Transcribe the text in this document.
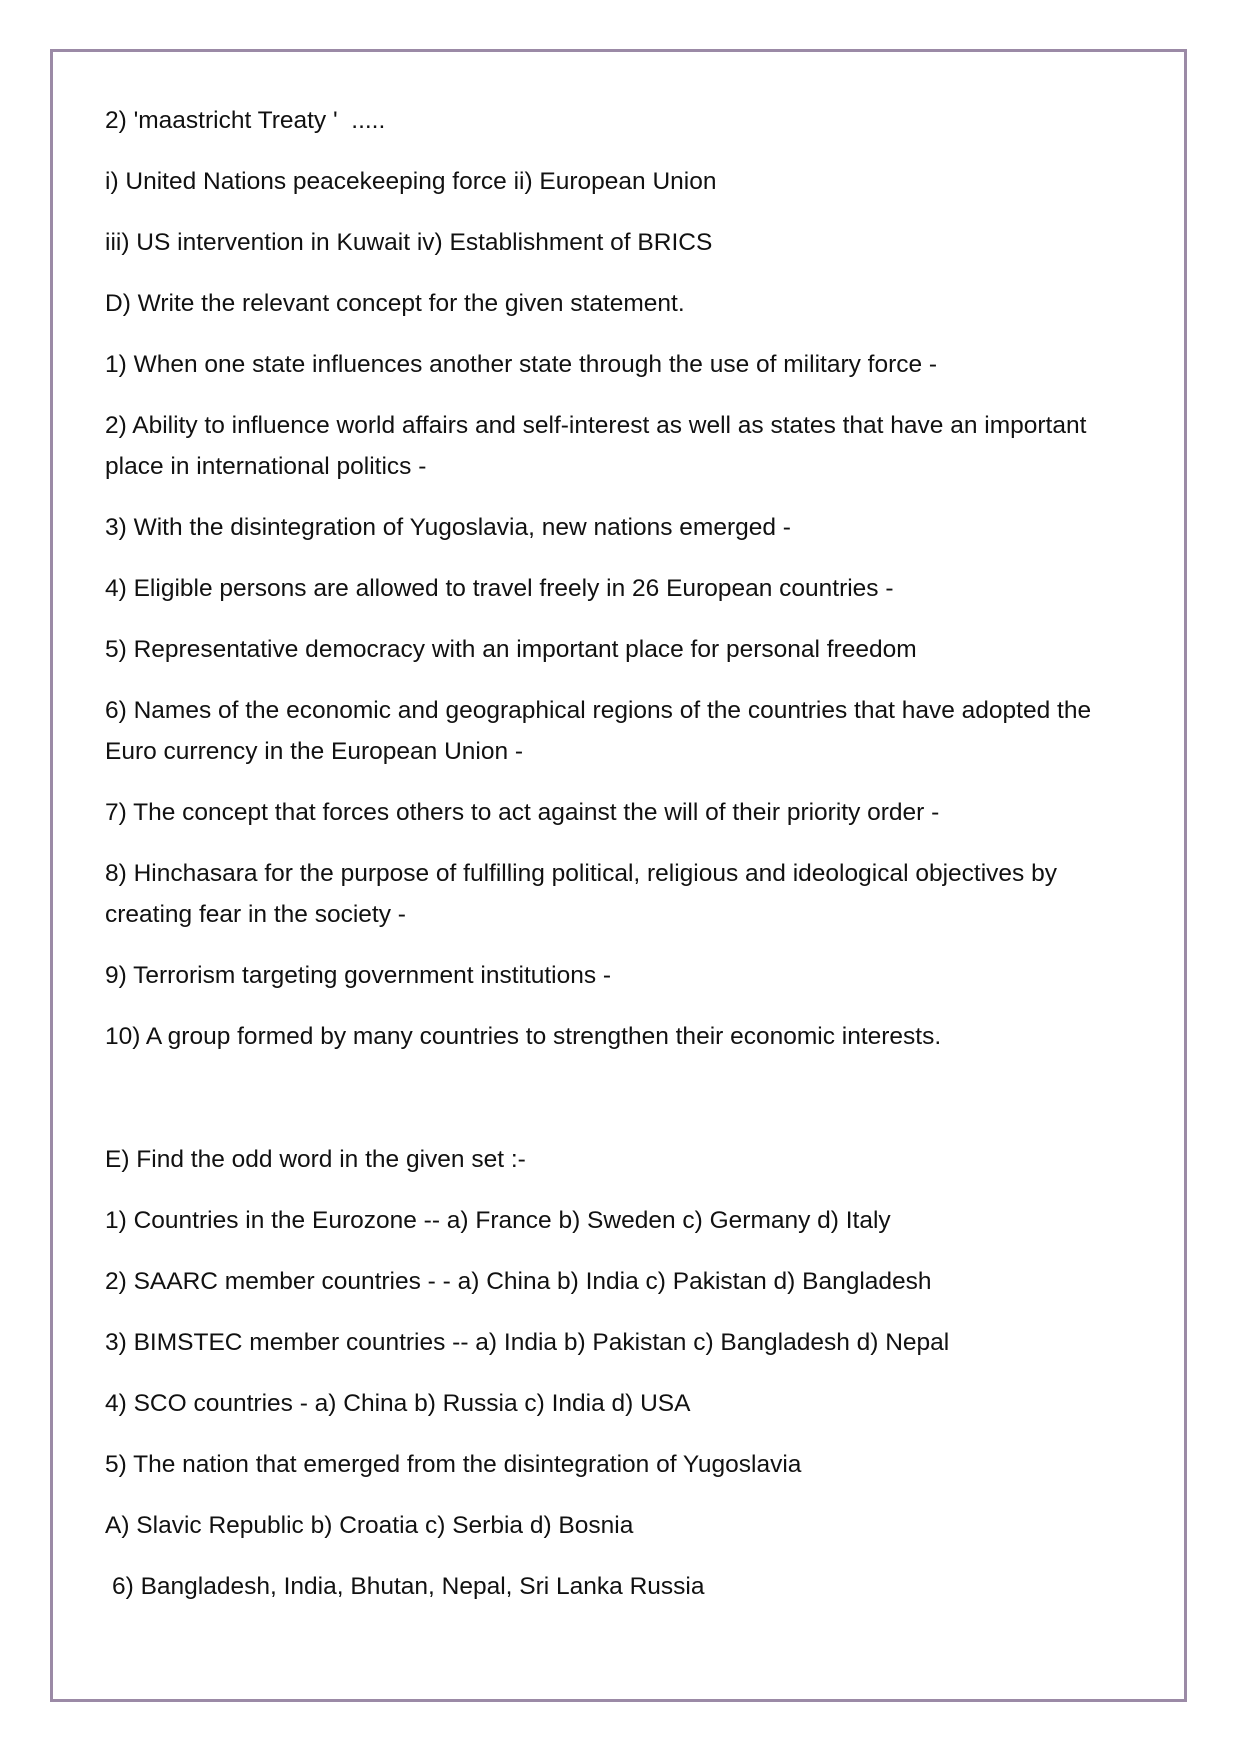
2) 'maastricht Treaty '  .....
i) United Nations peacekeeping force ii) European Union
iii) US intervention in Kuwait iv) Establishment of BRICS
D) Write the relevant concept for the given statement.
1) When one state influences another state through the use of military force -
2) Ability to influence world affairs and self-interest as well as states that have an important place in international politics -
3) With the disintegration of Yugoslavia, new nations emerged -
4) Eligible persons are allowed to travel freely in 26 European countries -
5) Representative democracy with an important place for personal freedom
6) Names of the economic and geographical regions of the countries that have adopted the Euro currency in the European Union -
7) The concept that forces others to act against the will of their priority order -
8) Hinchasara for the purpose of fulfilling political, religious and ideological objectives by creating fear in the society -
9) Terrorism targeting government institutions -
10) A group formed by many countries to strengthen their economic interests.
E) Find the odd word in the given set :-
1) Countries in the Eurozone -- a) France b) Sweden c) Germany d) Italy
2) SAARC member countries - - a) China b) India c) Pakistan d) Bangladesh
3) BIMSTEC member countries -- a) India b) Pakistan c) Bangladesh d) Nepal
4) SCO countries - a) China b) Russia c) India d) USA
5) The nation that emerged from the disintegration of Yugoslavia
A) Slavic Republic b) Croatia c) Serbia d) Bosnia
6) Bangladesh, India, Bhutan, Nepal, Sri Lanka Russia
